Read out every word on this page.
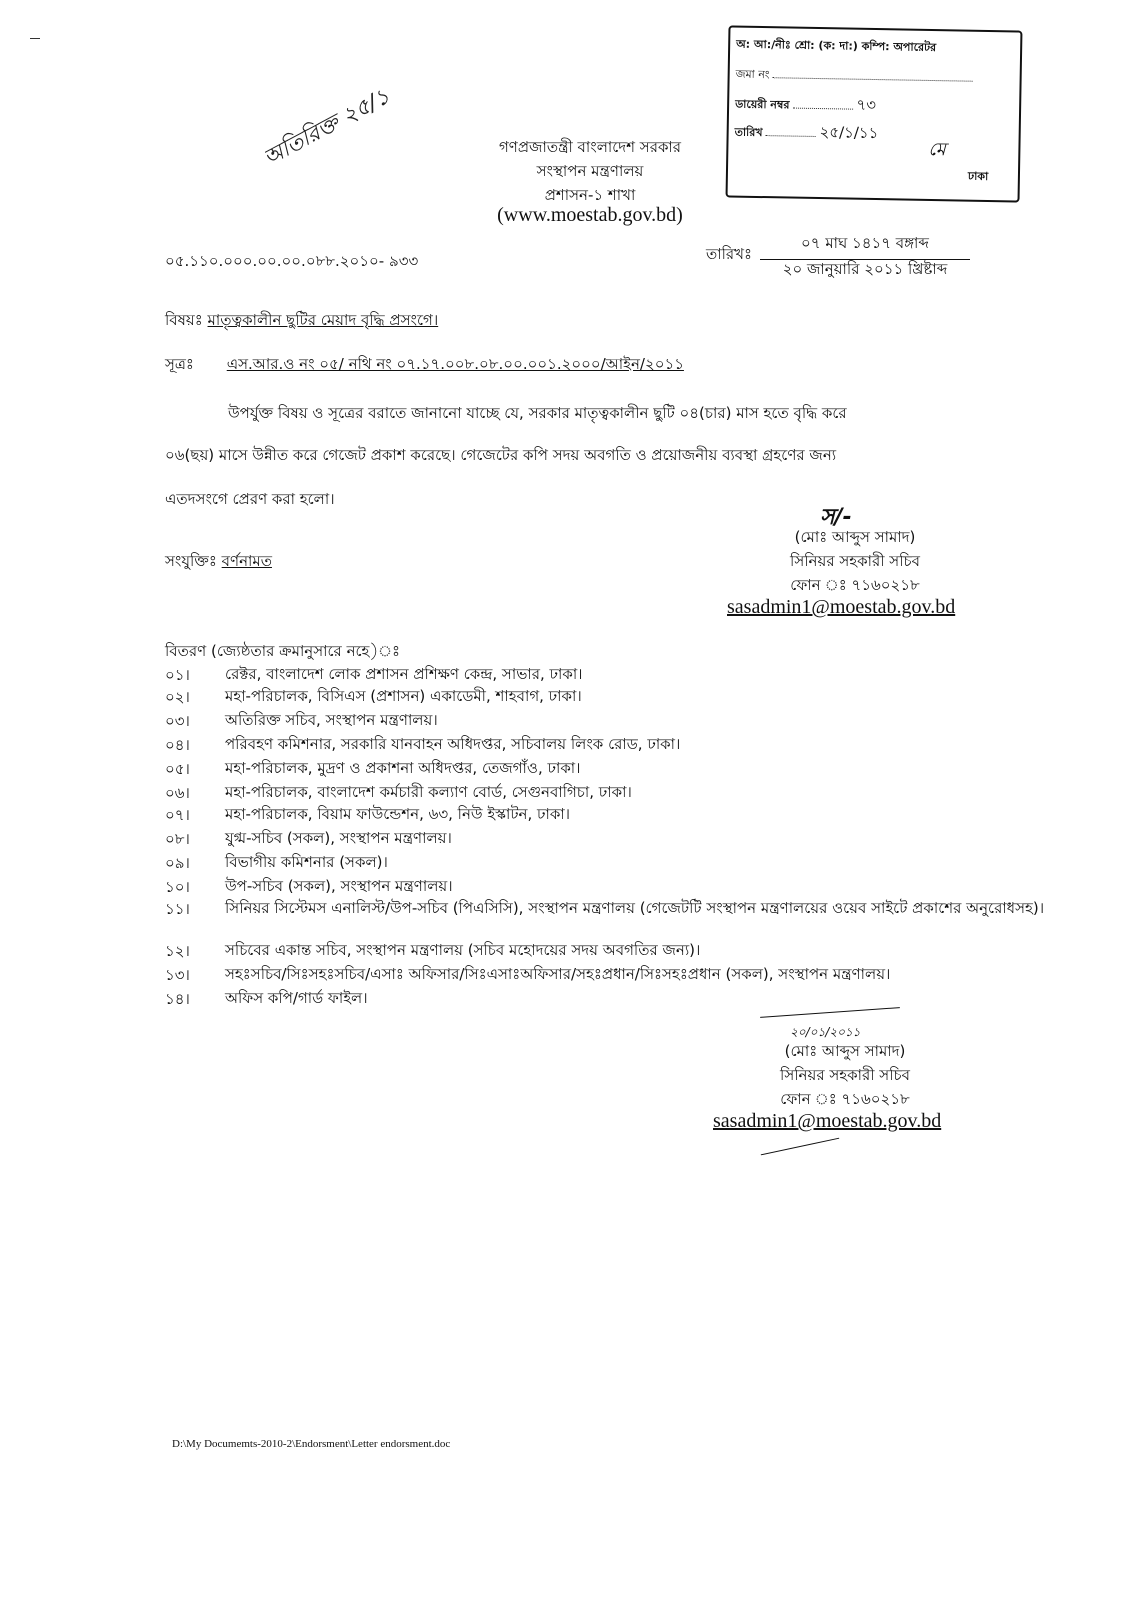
অতিরিক্ত ২৫/১
অ: আ:/নীঃ শ্রো: (ক: দা:) কম্পি: অপারেটর
জমা নং
ডায়েরী নম্বর	৭৩
তারিখ	২৫/১/১১
মে
ঢাকা
গণপ্রজাতন্ত্রী বাংলাদেশ সরকার
সংস্থাপন মন্ত্রণালয়
প্রশাসন-১ শাখা
(www.moestab.gov.bd)
০৫.১১০.০০০.০০.০০.০৮৮.২০১০- ৯৩৩	তারিখঃ
০৭ মাঘ ১৪১৭ বঙ্গাব্দ
২০ জানুয়ারি ২০১১ খ্রিষ্টাব্দ
বিষয়ঃ মাতৃত্বকালীন ছুটির মেয়াদ বৃদ্ধি প্রসংগে।
সূত্রঃ এস.আর.ও নং ০৫/ নথি নং ০৭.১৭.০০৮.০৮.০০.০০১.২০০০/আইন/২০১১
উপর্যুক্ত বিষয় ও সূত্রের বরাতে জানানো যাচ্ছে যে, সরকার মাতৃত্বকালীন ছুটি ০৪(চার) মাস হতে বৃদ্ধি করে
০৬(ছয়) মাসে উন্নীত করে গেজেট প্রকাশ করেছে। গেজেটের কপি সদয় অবগতি ও প্রয়োজনীয় ব্যবস্থা গ্রহণের জন্য
এতদসংগে প্রেরণ করা হলো।
স/-
(মোঃ আব্দুস সামাদ)
সিনিয়র সহকারী সচিব
ফোন ঃ ৭১৬০২১৮
sasadmin1@moestab.gov.bd
সংযুক্তিঃ বর্ণনামত
বিতরণ (জ্যেষ্ঠতার ক্রমানুসারে নহে)ঃ
০১।	রেক্টর, বাংলাদেশ লোক প্রশাসন প্রশিক্ষণ কেন্দ্র, সাভার, ঢাকা।
০২।	মহা-পরিচালক, বিসিএস (প্রশাসন) একাডেমী, শাহবাগ, ঢাকা।
০৩।	অতিরিক্ত সচিব, সংস্থাপন মন্ত্রণালয়।
০৪।	পরিবহণ কমিশনার, সরকারি যানবাহন অধিদপ্তর, সচিবালয় লিংক রোড, ঢাকা।
০৫।	মহা-পরিচালক, মুদ্রণ ও প্রকাশনা অধিদপ্তর, তেজগাঁও, ঢাকা।
০৬।	মহা-পরিচালক, বাংলাদেশ কর্মচারী কল্যাণ বোর্ড, সেগুনবাগিচা, ঢাকা।
০৭।	মহা-পরিচালক, বিয়াম ফাউন্ডেশন, ৬৩, নিউ ইস্কাটন, ঢাকা।
০৮।	যুগ্ম-সচিব (সকল), সংস্থাপন মন্ত্রণালয়।
০৯।	বিভাগীয় কমিশনার (সকল)।
১০।	উপ-সচিব (সকল), সংস্থাপন মন্ত্রণালয়।
১১।	সিনিয়র সিস্টেমস এনালিস্ট/উপ-সচিব (পিএসিসি), সংস্থাপন মন্ত্রণালয় (গেজেটটি সংস্থাপন মন্ত্রণালয়ের ওয়েব সাইটে প্রকাশের অনুরোধসহ)।
১২।	সচিবের একান্ত সচিব, সংস্থাপন মন্ত্রণালয় (সচিব মহোদয়ের সদয় অবগতির জন্য)।
১৩।	সহঃসচিব/সিঃসহঃসচিব/এসাঃ অফিসার/সিঃএসাঃঅফিসার/সহঃপ্রধান/সিঃসহঃপ্রধান (সকল), সংস্থাপন মন্ত্রণালয়।
১৪।	অফিস কপি/গার্ড ফাইল।
২০/০১/২০১১
(মোঃ আব্দুস সামাদ)
সিনিয়র সহকারী সচিব
ফোন ঃ ৭১৬০২১৮
sasadmin1@moestab.gov.bd
D:\My Documemts-2010-2\Endorsment\Letter endorsment.doc
